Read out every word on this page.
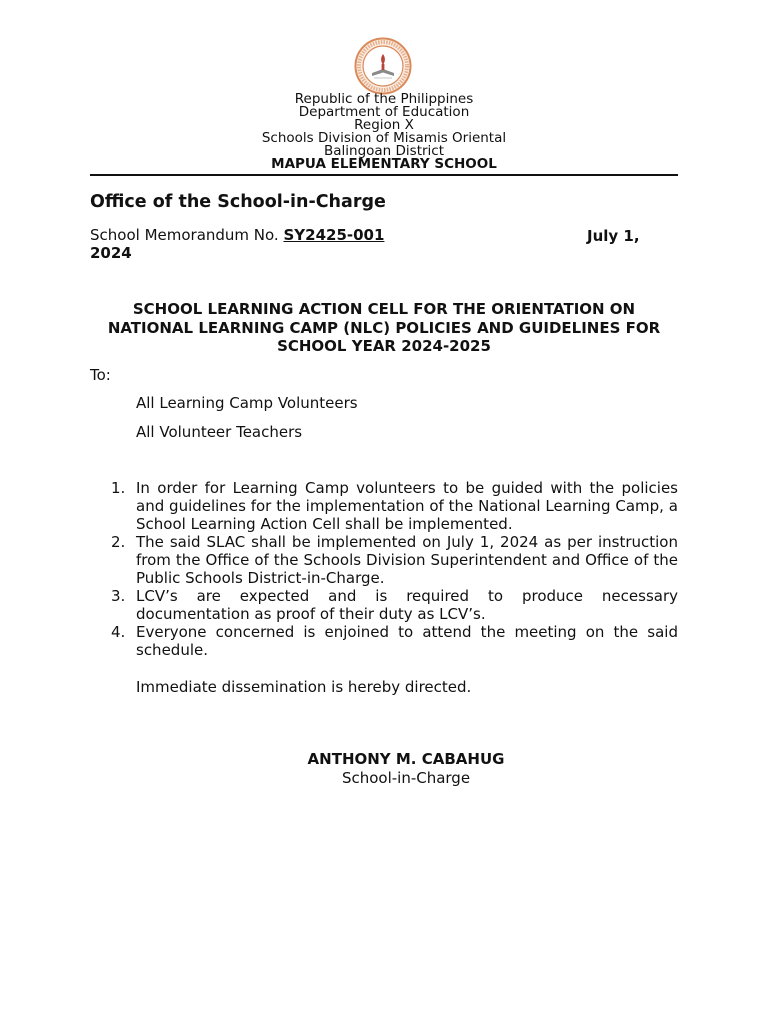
Republic of the Philippines
Department of Education
Region X
Schools Division of Misamis Oriental
Balingoan District
MAPUA ELEMENTARY SCHOOL
Office of the School-in-Charge
School Memorandum No. SY2425-001	July 1,
2024
SCHOOL LEARNING ACTION CELL FOR THE ORIENTATION ON NATIONAL LEARNING CAMP (NLC) POLICIES AND GUIDELINES FOR SCHOOL YEAR 2024-2025
To:
All Learning Camp Volunteers
All Volunteer Teachers
1. In order for Learning Camp volunteers to be guided with the policies and guidelines for the implementation of the National Learning Camp, a School Learning Action Cell shall be implemented.
2. The said SLAC shall be implemented on July 1, 2024 as per instruction from the Office of the Schools Division Superintendent and Office of the Public Schools District-in-Charge.
3. LCV’s are expected and is required to produce necessary documentation as proof of their duty as LCV’s.
4. Everyone concerned is enjoined to attend the meeting on the said schedule.
Immediate dissemination is hereby directed.
ANTHONY M. CABAHUG
School-in-Charge
